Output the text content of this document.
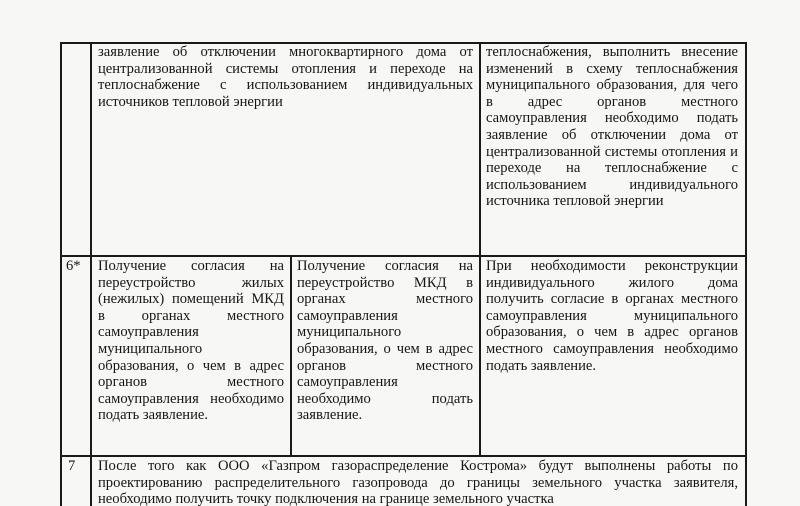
заявление об отключении многоквартирного дома от централизованной системы отопления и переходе на теплоснабжение с использованием индивидуальных источников тепловой энергии
теплоснабжения, выполнить внесение изменений в схему теплоснабжения муниципального образования, для чего в адрес органов местного самоуправления необходимо подать заявление об отключении дома от централизованной системы отопления и переходе на теплоснабжение с использованием индивидуального источника тепловой энергии
6* Получение согласия на переустройство жилых (нежилых) помещений МКД в органах местного самоуправления муниципального образования, о чем в адрес органов местного самоуправления необходимо подать заявление.
Получение согласия на переустройство МКД в органах местного самоуправления муниципального образования, о чем в адрес органов местного самоуправления необходимо подать заявление.
При необходимости реконструкции индивидуального жилого дома получить согласие в органах местного самоуправления муниципального образования, о чем в адрес органов местного самоуправления необходимо подать заявление.
7 После того как ООО «Газпром газораспределение Кострома» будут выполнены работы по проектированию распределительного газопровода до границы земельного участка заявителя, необходимо получить точку подключения на границе земельного участка
